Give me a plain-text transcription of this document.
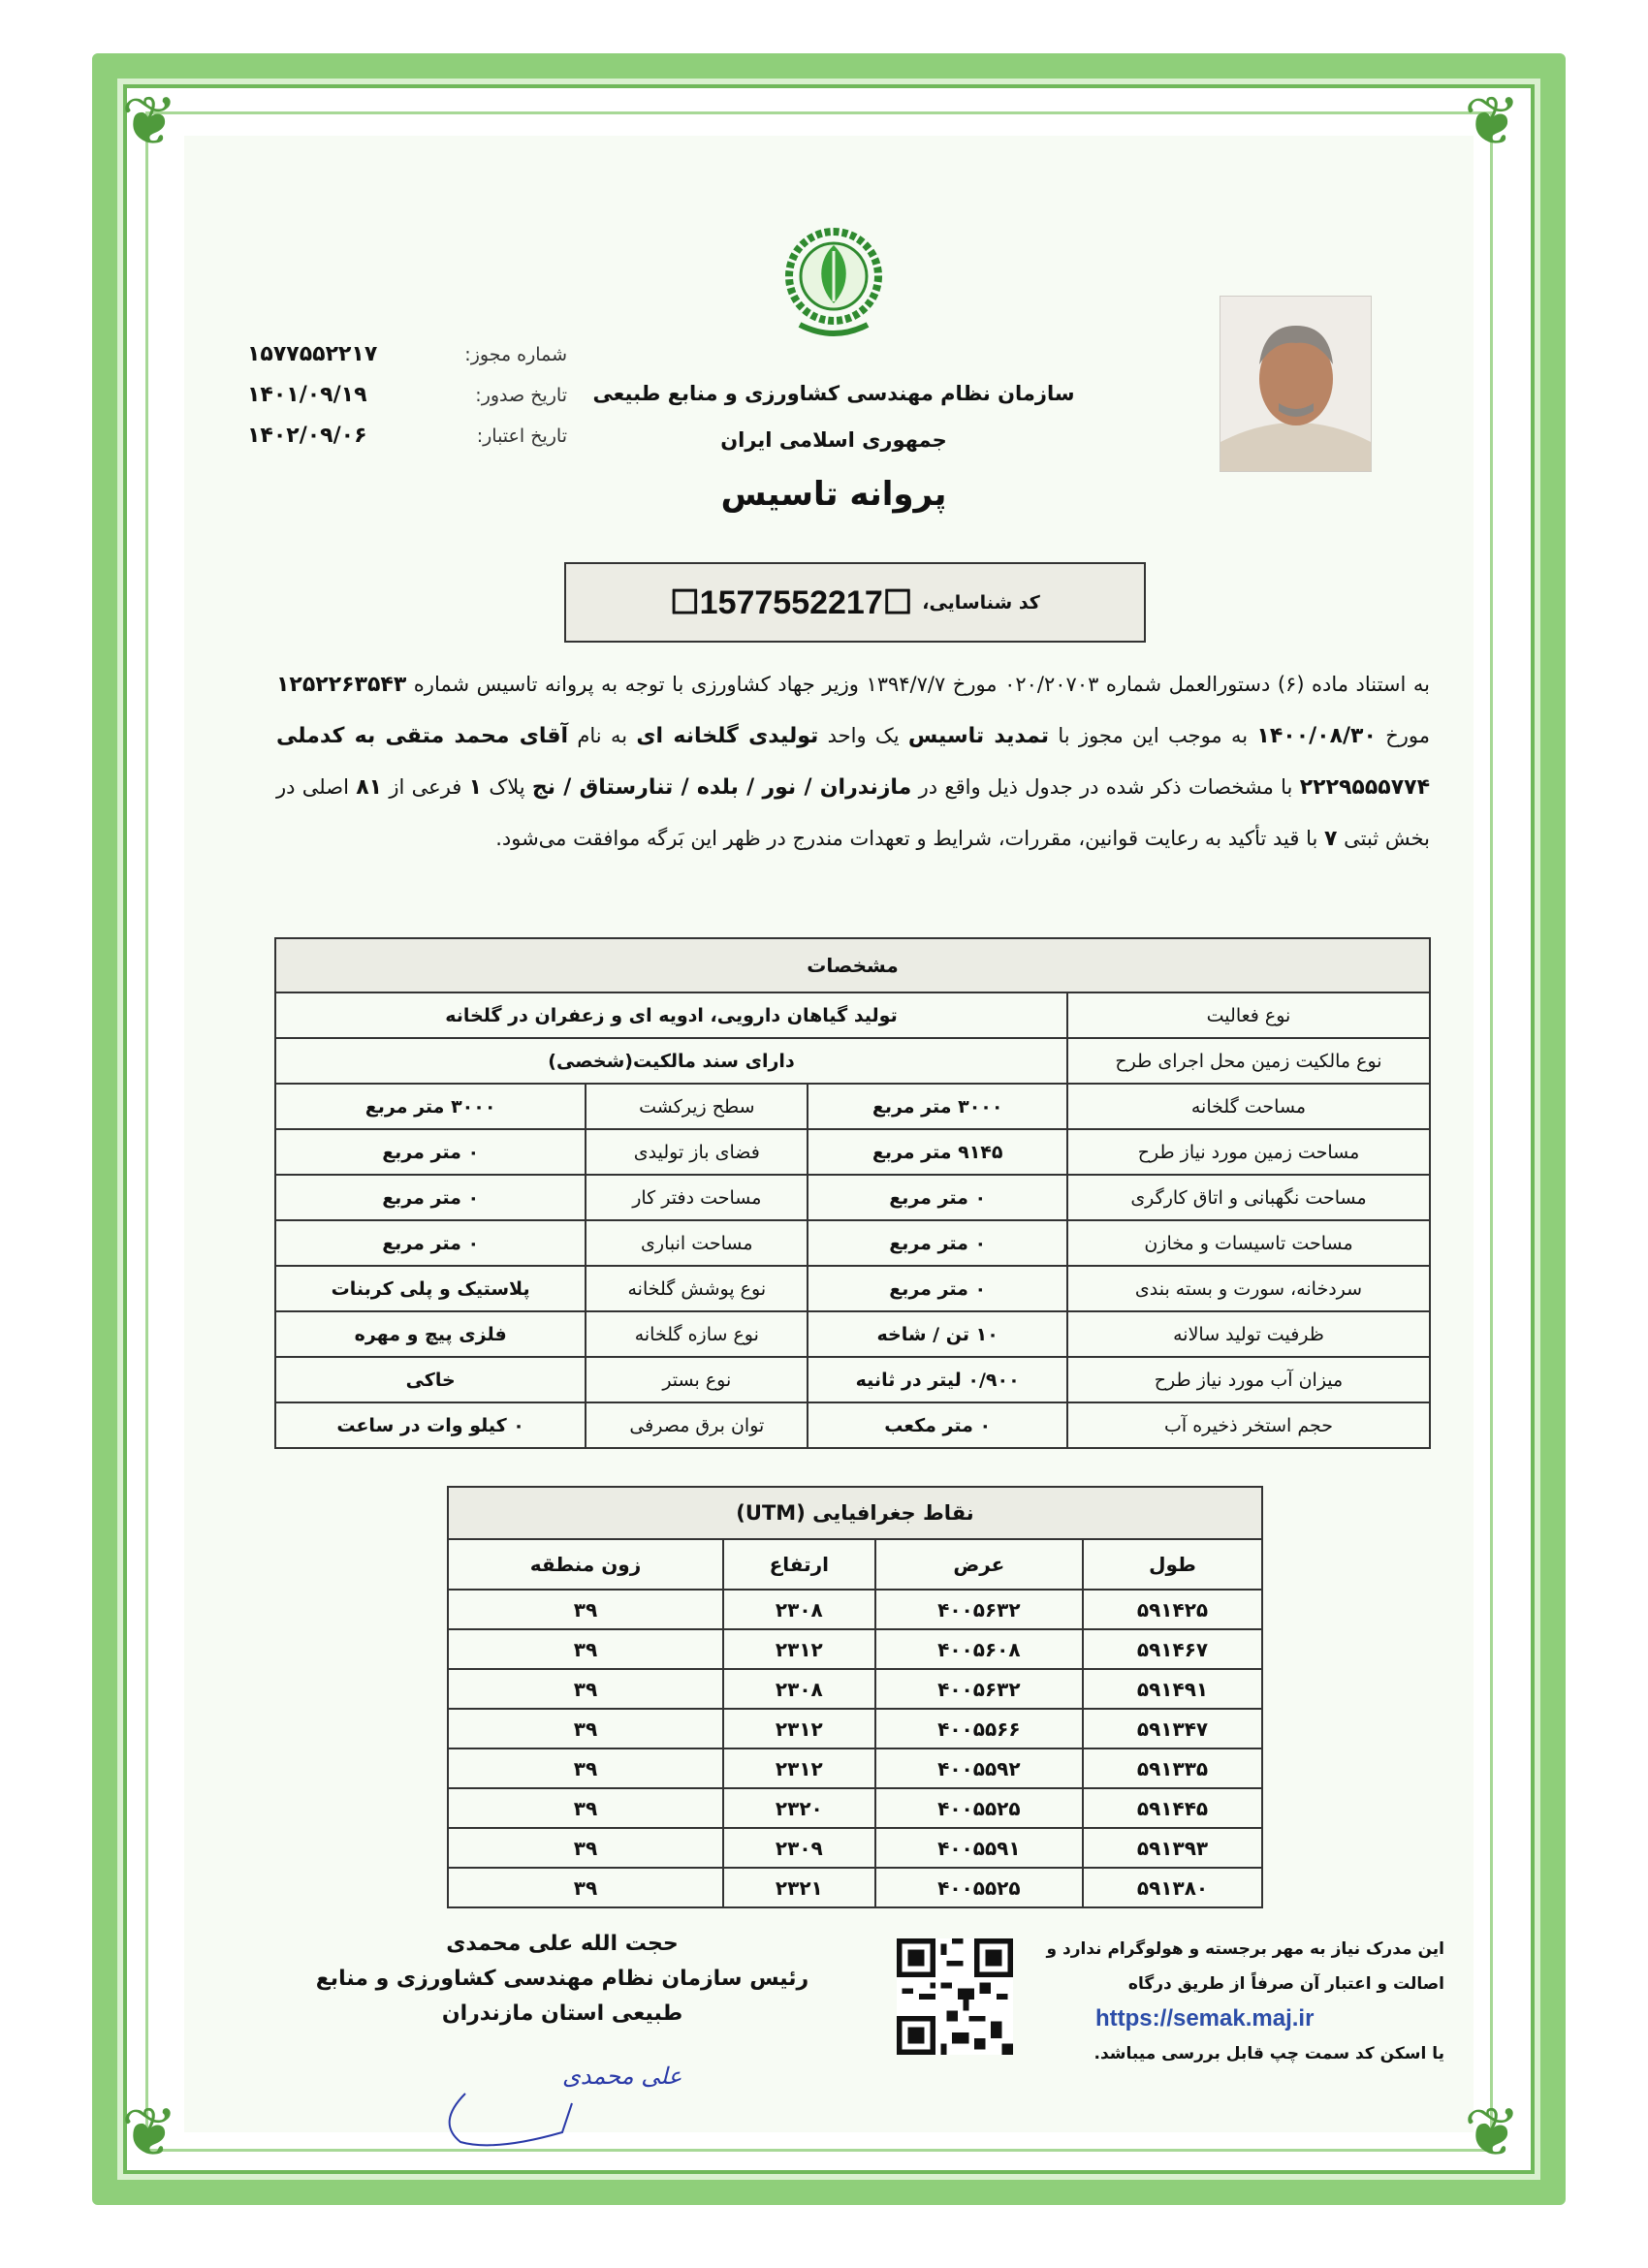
❦	❦
❦	❦
شماره مجوز:
۱۵۷۷۵۵۲۲۱۷
تاریخ صدور:
۱۴۰۱/۰۹/۱۹
تاریخ اعتبار:
۱۴۰۲/۰۹/۰۶
سازمان نظام مهندسی کشاورزی و منابع طبیعی
جمهوری اسلامی ایران
پروانه تاسیس
کد شناسایی،
☐1577552217☐
به استناد ماده (۶) دستورالعمل شماره ۰۲۰/۲۰۷۰۳ مورخ ۱۳۹۴/۷/۷ وزیر جهاد کشاورزی با توجه به پروانه تاسیس شماره ۱۲۵۲۲۶۳۵۴۳ مورخ ۱۴۰۰/۰۸/۳۰ به موجب این مجوز با تمدید تاسیس یک واحد تولیدی گلخانه ای به نام آقای محمد متقی به کدملی ۲۲۲۹۵۵۵۷۷۴ با مشخصات ذکر شده در جدول ذیل واقع در مازندران / نور / بلده / تنارستاق / نج پلاک ۱ فرعی از ۸۱ اصلی در بخش ثبتی ۷ با قید تأکید به رعایت قوانین، مقررات، شرایط و تعهدات مندرج در ظهر این بَرگه موافقت می‌شود.
مشخصات			
نوع فعالیت	تولید گیاهان دارویی، ادویه ای و زعفران در گلخانه		
نوع مالکیت زمین محل اجرای طرح	دارای سند مالکیت(شخصی)		
مساحت گلخانه	۳۰۰۰ متر مربع	سطح زیرکشت	۳۰۰۰ متر مربع
مساحت زمین مورد نیاز طرح	۹۱۴۵ متر مربع	فضای باز تولیدی	۰ متر مربع
مساحت نگهبانی و اتاق کارگری	۰ متر مربع	مساحت دفتر کار	۰ متر مربع
مساحت تاسیسات و مخازن	۰ متر مربع	مساحت انباری	۰ متر مربع
سردخانه، سورت و بسته بندی	۰ متر مربع	نوع پوشش گلخانه	پلاستیک و پلی کربنات
ظرفیت تولید سالانه	۱۰ تن / شاخه	نوع سازه گلخانه	فلزی پیچ و مهره
میزان آب مورد نیاز طرح	۰/۹۰۰ لیتر در ثانیه	نوع بستر	خاکی
حجم استخر ذخیره آب	۰ متر مکعب	توان برق مصرفی	۰ کیلو وات در ساعت
نقاط جغرافیایی (UTM)			
طول	عرض	ارتفاع	زون منطقه
۵۹۱۴۲۵	۴۰۰۵۶۳۲	۲۳۰۸	۳۹
۵۹۱۴۶۷	۴۰۰۵۶۰۸	۲۳۱۲	۳۹
۵۹۱۴۹۱	۴۰۰۵۶۳۲	۲۳۰۸	۳۹
۵۹۱۳۴۷	۴۰۰۵۵۶۶	۲۳۱۲	۳۹
۵۹۱۳۳۵	۴۰۰۵۵۹۲	۲۳۱۲	۳۹
۵۹۱۴۴۵	۴۰۰۵۵۲۵	۲۳۲۰	۳۹
۵۹۱۳۹۳	۴۰۰۵۵۹۱	۲۳۰۹	۳۹
۵۹۱۳۸۰	۴۰۰۵۵۲۵	۲۳۲۱	۳۹
حجت الله علی محمدی
رئیس سازمان نظام مهندسی کشاورزی و منابع
طبیعی استان مازندران
علی محمدی
این مدرک نیاز به مهر برجسته و هولوگرام ندارد و
اصالت و اعتبار آن صرفاً از طریق درگاه
https://semak.maj.ir
یا اسکن کد سمت چپ قابل بررسی میباشد.
